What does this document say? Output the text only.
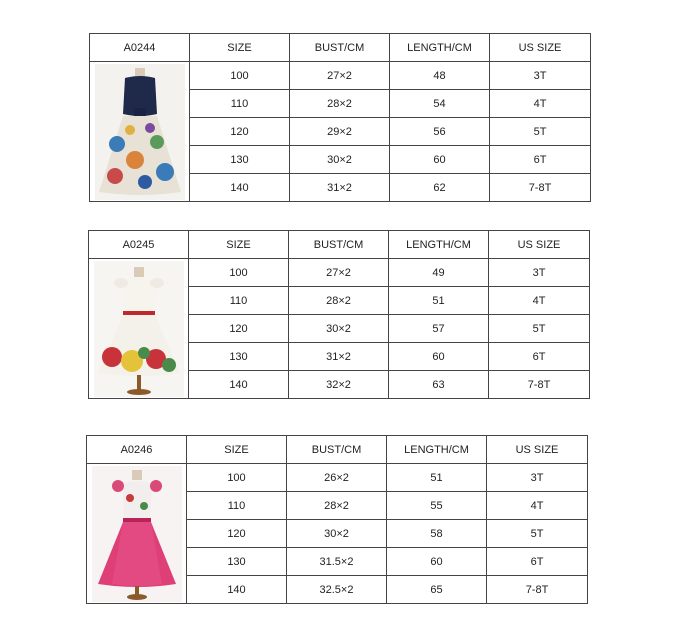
A0244	SIZE	BUST/CM	LENGTH/CM	US SIZE

	100	27×2	48	3T
	110	28×2	54	4T
	120	29×2	56	5T
	130	30×2	60	6T
	140	31×2	62	7-8T
A0245	SIZE	BUST/CM	LENGTH/CM	US SIZE

	100	27×2	49	3T
	110	28×2	51	4T
	120	30×2	57	5T
	130	31×2	60	6T
	140	32×2	63	7-8T
A0246	SIZE	BUST/CM	LENGTH/CM	US SIZE

	100	26×2	51	3T
	110	28×2	55	4T
	120	30×2	58	5T
	130	31.5×2	60	6T
	140	32.5×2	65	7-8T
